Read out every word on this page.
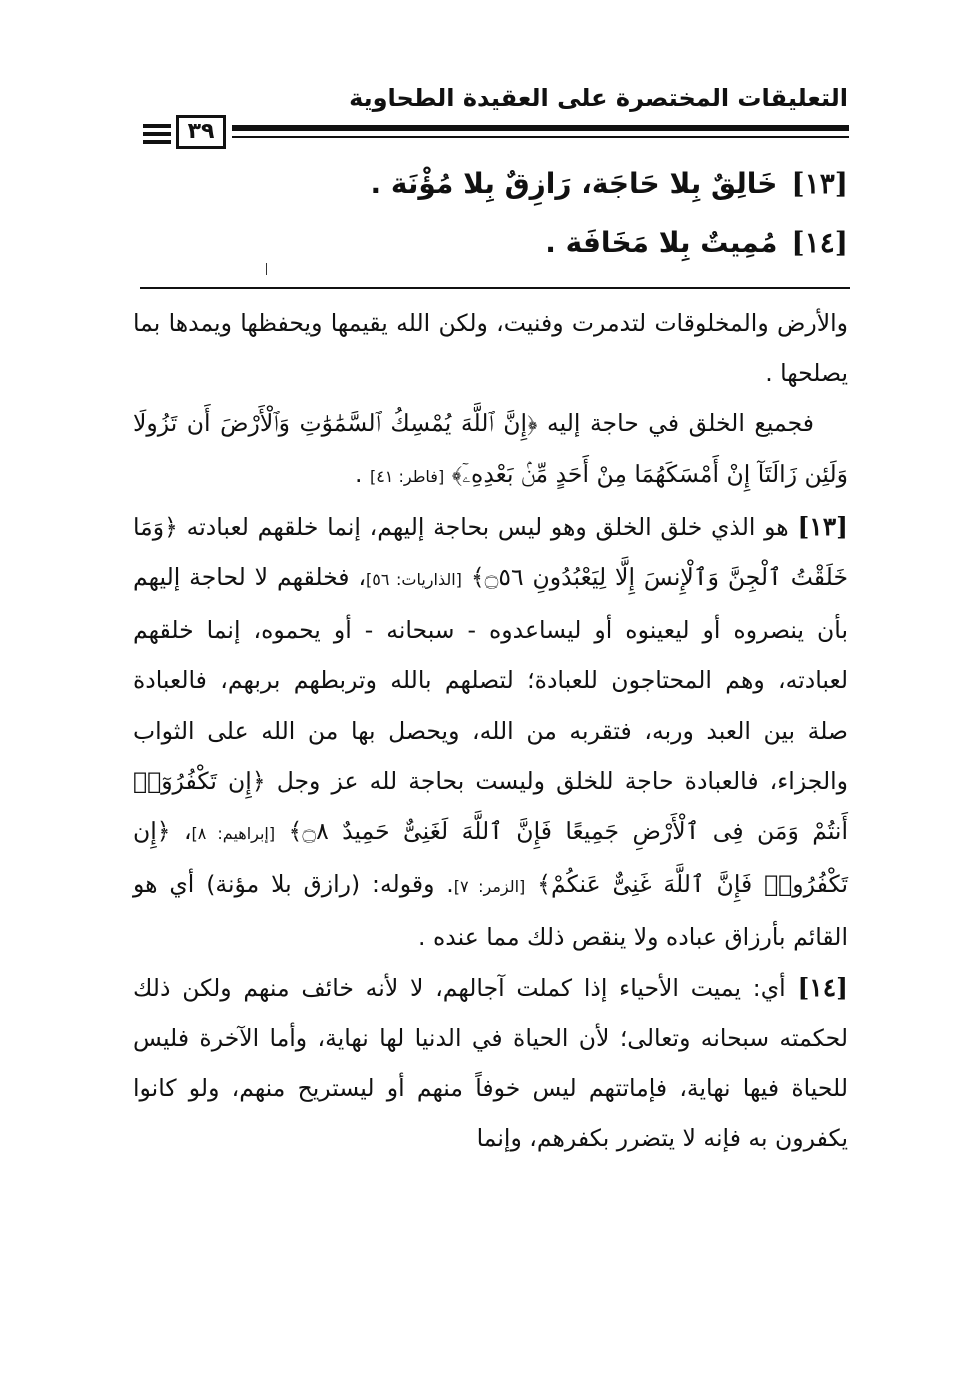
التعليقات المختصرة على العقيدة الطحاوية
٣٩
[١٣]خَالِقٌ بِلا حَاجَة، رَازِقٌ بِلا مُؤْنَة .
[١٤]مُمِيتٌ بِلا مَخَافَة .

والأرض والمخلوقات لتدمرت وفنيت، ولكن الله يقيمها ويحفظها ويمدها بما يصلحها .

فجميع الخلق في حاجة إليه ﴿إِنَّ ٱللَّهَ يُمْسِكُ ٱلسَّمَٰوَٰتِ وَٱلْأَرْضَ أَن تَزُولَا وَلَئِن زَالَتَآ إِنْ أَمْسَكَهُمَا مِنْ أَحَدٍ مِّنۢ بَعْدِهِۦٓ﴾ [فاطر: ٤١] .

[١٣] هو الذي خلق الخلق وهو ليس بحاجة إليهم، إنما خلقهم لعبادته ﴿وَمَا خَلَقْتُ ٱلْجِنَّ وَٱلْإِنسَ إِلَّا لِيَعْبُدُونِ ۝٥٦﴾ [الذاريات: ٥٦]، فخلقهم لا لحاجة إليهم بأن ينصروه أو ليعينوه أو ليساعدوه - سبحانه - أو يحموه، إنما خلقهم لعبادته، وهم المحتاجون للعبادة؛ لتصلهم بالله وتربطهم بربهم، فالعبادة صلة بين العبد وربه، فتقربه من الله، ويحصل بها من الله على الثواب والجزاء، فالعبادة حاجة للخلق وليست بحاجة لله عز وجل ﴿إِن تَكْفُرُوٓا۟ أَنتُمْ وَمَن فِى ٱلْأَرْضِ جَمِيعًا فَإِنَّ ٱللَّهَ لَغَنِىٌّ حَمِيدٌ ۝٨﴾ [إبراهيم: ٨]، ﴿إِن تَكْفُرُوا۟ فَإِنَّ ٱللَّهَ غَنِىٌّ عَنكُمْ﴾ [الزمر: ٧]. وقوله: (رازق بلا مؤنة) أي هو القائم بأرزاق عباده ولا ينقص ذلك مما عنده .

[١٤] أي: يميت الأحياء إذا كملت آجالهم، لا لأنه خائف منهم ولكن ذلك لحكمته سبحانه وتعالى؛ لأن الحياة في الدنيا لها نهاية، وأما الآخرة فليس للحياة فيها نهاية، فإماتتهم ليس خوفاً منهم أو ليستريح منهم، ولو كانوا يكفرون به فإنه لا يتضرر بكفرهم، وإنما
